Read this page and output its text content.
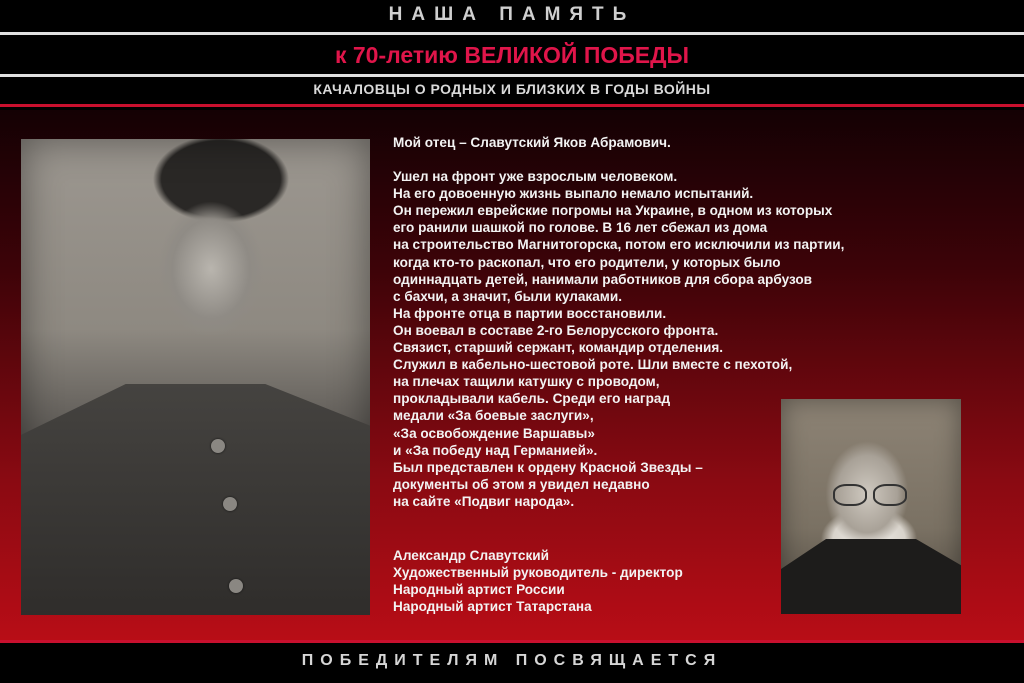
НАША ПАМЯТЬ
к 70-летию ВЕЛИКОЙ ПОБЕДЫ
КАЧАЛОВЦЫ О РОДНЫХ И БЛИЗКИХ В ГОДЫ ВОЙНЫ

Мой отец – Славутский Яков Абрамович.

Ушел на фронт уже взрослым человеком.

На его довоенную жизнь выпало немало испытаний.

Он пережил еврейские погромы на Украине, в одном из которых

его ранили шашкой по голове. В 16 лет сбежал из дома

на строительство Магнитогорска, потом его исключили из партии,

когда кто-то раскопал, что его родители, у которых было

одиннадцать детей, нанимали работников для сбора арбузов

с бахчи, а значит, были кулаками.

На фронте отца в партии восстановили.

Он воевал в составе 2-го Белорусского фронта.

Связист, старший сержант, командир отделения.

Служил в кабельно-шестовой роте. Шли вместе с пехотой,

на плечах тащили катушку с проводом,

прокладывали кабель. Среди его наград

медали «За боевые заслуги»,

«За освобождение Варшавы»

и «За победу над Германией».

Был представлен к ордену Красной Звезды –

документы об этом я увидел недавно

на сайте «Подвиг народа».

Александр Славутский

Художественный руководитель - директор

Народный артист России

Народный артист Татарстана

ПОБЕДИТЕЛЯМ ПОСВЯЩАЕТСЯ
